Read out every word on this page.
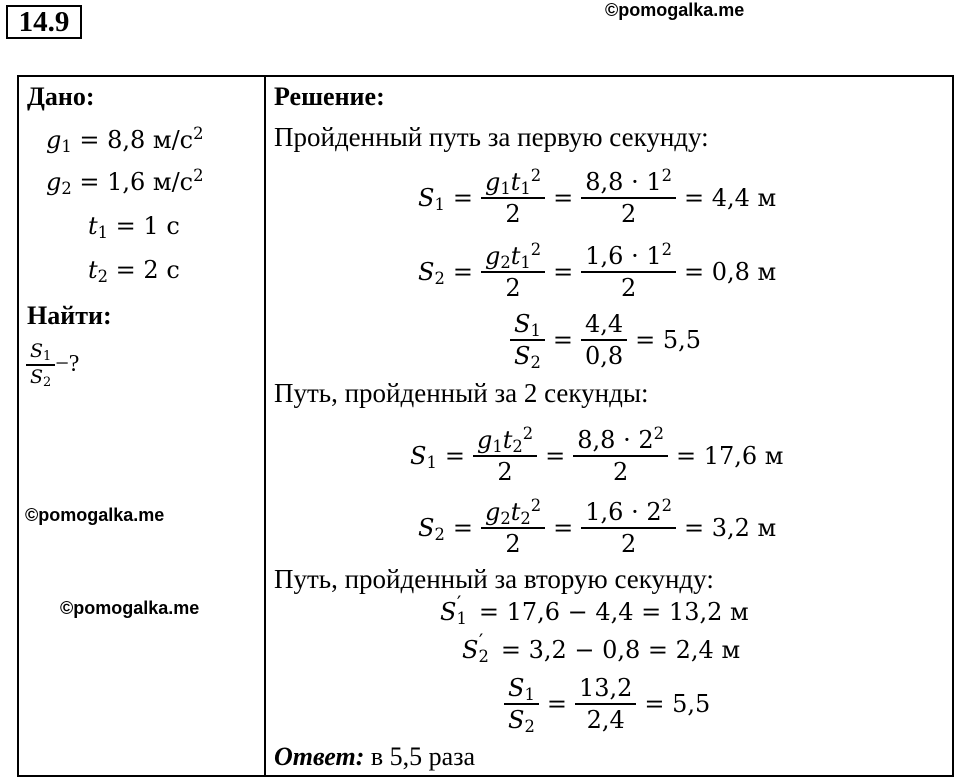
14.9	©pomogalka.me
Дано:
$g_1 = 8,8$ $м/с^2$
$g_2 = 1,6$ $м/с^2$
$t_1 = 1$ с
$t_2 = 2$ с
Найти:
$\frac{S_1}{S_2}$ −?
©pomogalka.me
©pomogalka.me
Решение:
Пройденный путь за первую секунду:
$S_1 = \frac{g_1t_1^2}{2} = \frac{8,8 \cdot 1^2}{2} = 4,4$ м
$S_2 = \frac{g_2t_1^2}{2} = \frac{1,6 \cdot 1^2}{2} = 0,8$ м
$\frac{S_1}{S_2} = \frac{4,4}{0,8} = 5,5$
Путь, пройденный за 2 секунды:
$S_1 = \frac{g_1t_2^2}{2} = \frac{8,8 \cdot 2^2}{2} = 17,6$ м
$S_2 = \frac{g_2t_2^2}{2} = \frac{1,6 \cdot 2^2}{2} = 3,2$ м
Путь, пройденный за вторую секунду:
$S_1' = 17,6 - 4,4 = 13,2$ м
$S_2' = 3,2 - 0,8 = 2,4$ м
$\frac{S_1}{S_2} = \frac{13,2}{2,4} = 5,5$
Ответ: в 5,5 раза
